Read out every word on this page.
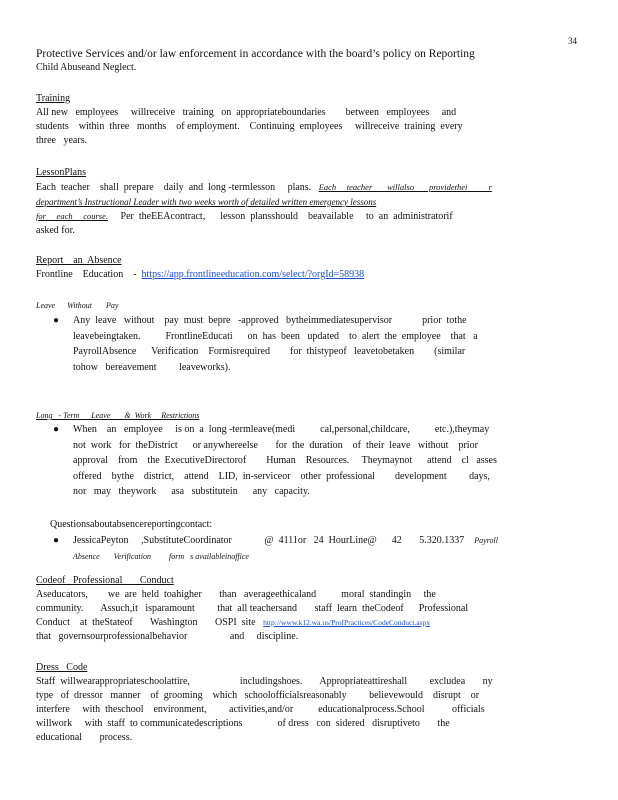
34
Protective Services and/or law enforcement in accordance with the board’s policy on Reporting
Child Abuseand Neglect.
Training
All new   employees     willreceive   training   on  appropriateboundaries        between   employees     and
students    within  three   months    of employment.    Continuing  employees     willreceive  training  every
three   years.
LessonPlans
Each  teacher    shall  prepare    daily  and  long -termlesson     plans. Each     teacher       willalso       providethei          r
department’s Instructional Leader with two weeks worth of detailed written emergency lessons
for     each     course. Per  theEEAcontract,      lesson  plansshould    beavailable     to  an  administratorif
asked for.
Report    an  Absence
Frontline    Education    - https://app.frontlineeducation.com/select/?orgId=58938
Leave      Without       Pay
● Any  leave   without    pay  must  bepre   -approved   bytheimmediatesupervisor            prior  tothe
leavebeingtaken.          FrontlineEducati      on  has  been   updated    to  alert  the  employee    that   a
PayrollAbsence      Verification    Formisrequired        for  thistypeof   leavetobetaken        (similar
tohow   bereavement         leaveworks).
Long   - Term      Leave       &  Work     Restrictions
● When    an   employee     is on  a  long -termleave(medi          cal,personal,childcare,          etc.),theymay
not  work   for  theDistrict      or anywhereelse       for  the  duration    of  their  leave   without    prior
approval    from    the  ExecutiveDirectorof        Human    Resources.     Theymaynot      attend    cl   asses
offered    bythe    district,    attend    LID,  in-serviceor    other  professional        development         days,
nor   may   theywork      asa   substitutein      any   capacity.
Questionsaboutabsencereportingcontact:
● JessicaPeyton     ,SubstituteCoordinator             @  4111or   24  HourLine@      42       5.320.1337 Payroll
Absence       Verification         form   s availableinoffice
Codeof   Professional       Conduct
Aseducators,        we  are  held  toahigher       than   averageethicaland          moral  standingin     the
community.       Assuch,it   isparamount         that  all teachersand       staff  learn  theCodeof      Professional
Conduct    at  theStateof       Washington       OSPI  site http://www.k12.wa.us/ProfPractices/CodeConduct.aspx
that   governsourprofessionalbehavior                 and     discipline.
Dress   Code
Staff  willwearappropriateschoolattire,                    includingshoes.       Appropriateattireshall         excludea       ny
type   of  dressor   manner    of  grooming    which   schoolofficialsreasonably         believewould    disrupt    or
interfere     with  theschool    environment,         activities,and/or          educationalprocess.School           officials
willwork     with  staff  to communicatedescriptions              of dress   con  sidered   disruptiveto       the
educational       process.
